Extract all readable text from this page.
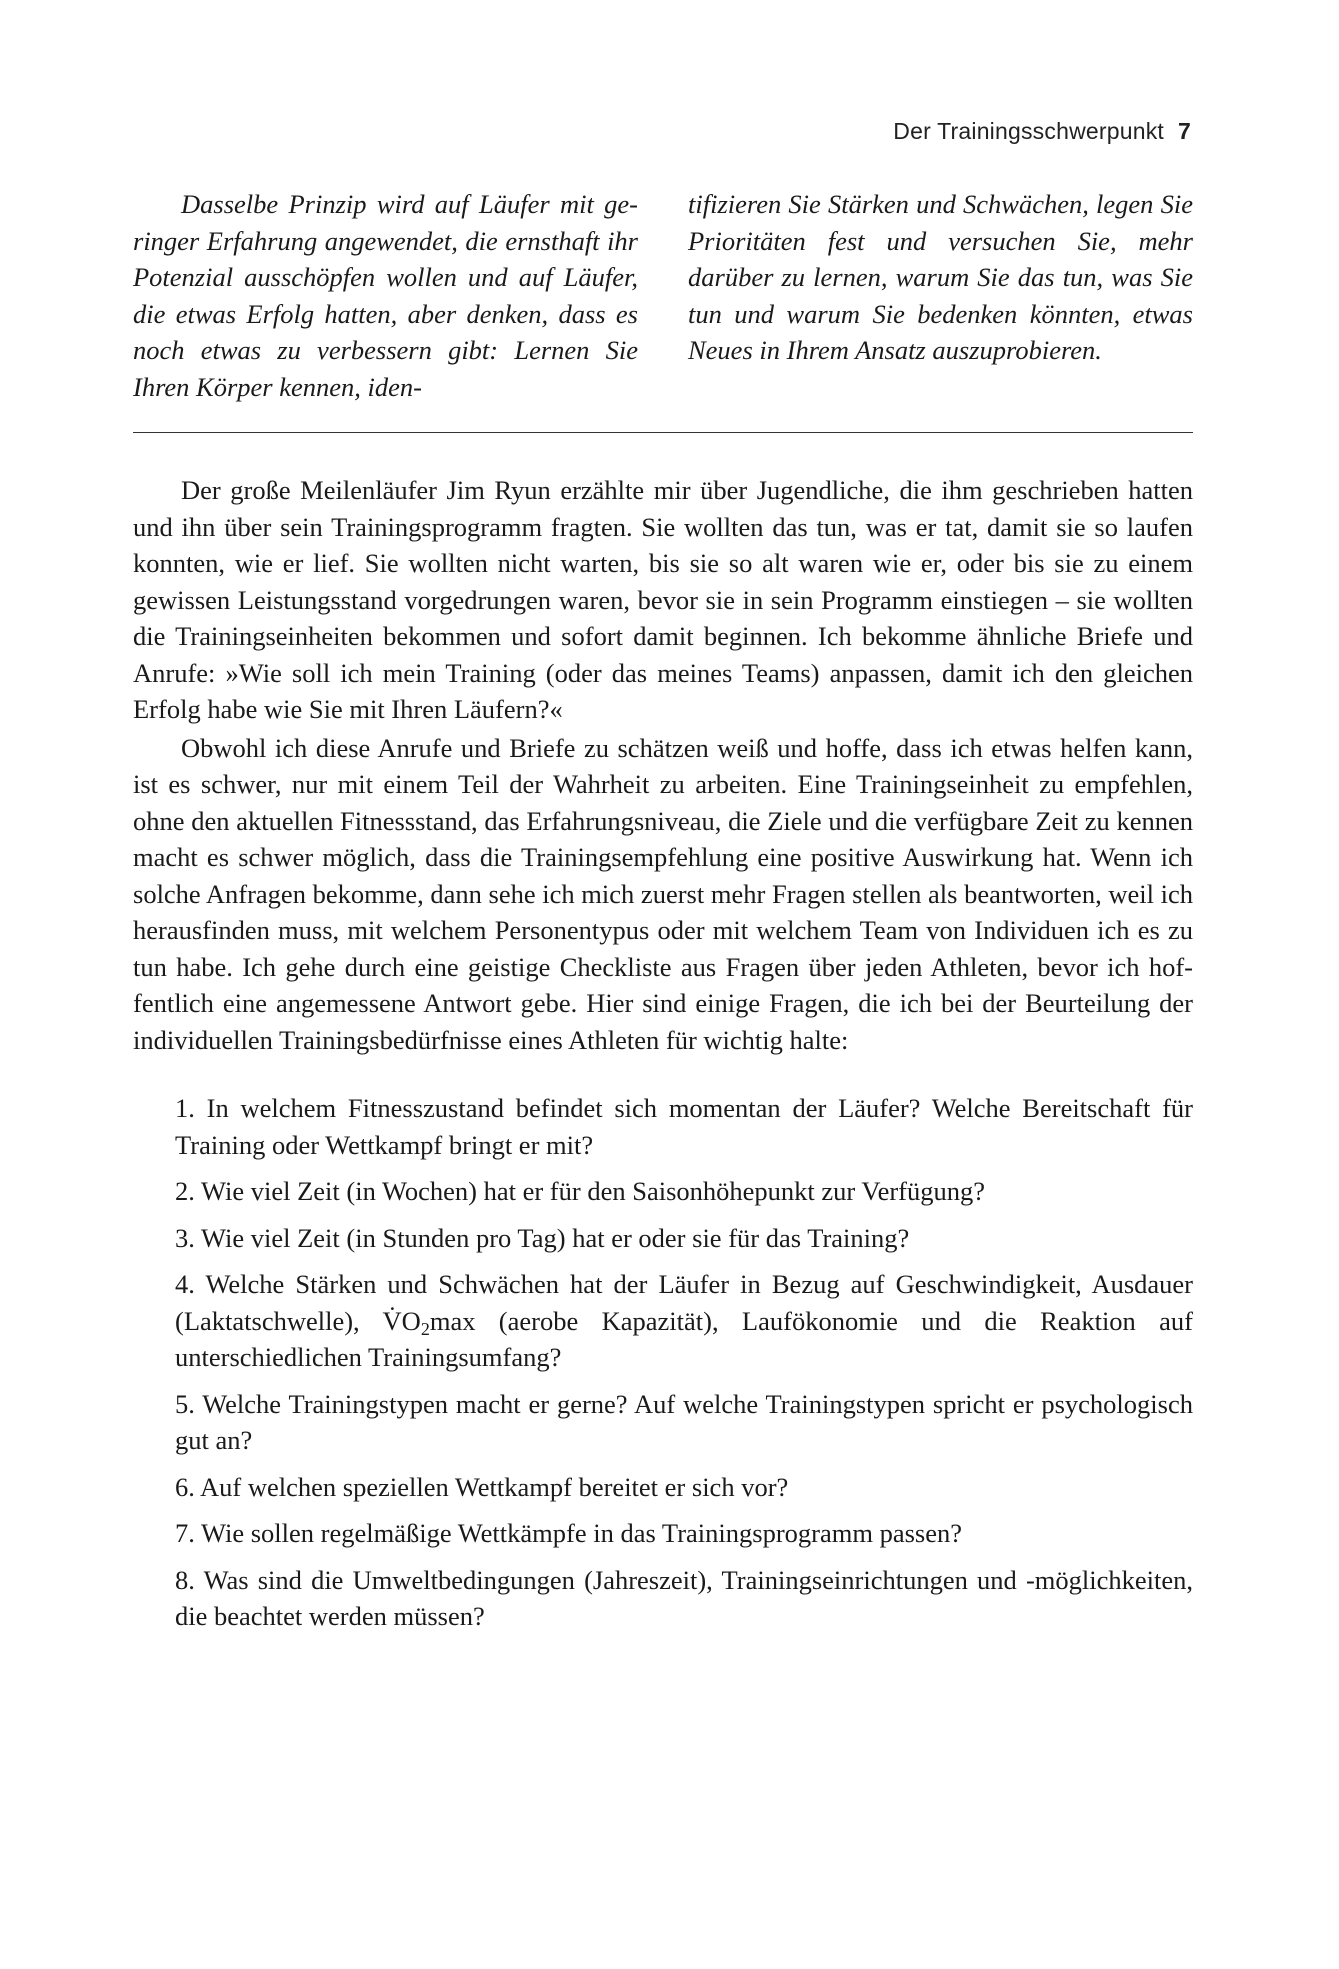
Der Trainingsschwerpunkt 7
Dasselbe Prinzip wird auf Läufer mit geringer Erfahrung angewendet, die ernsthaft ihr Potenzial ausschöpfen wollen und auf Läufer, die etwas Erfolg hatten, aber denken, dass es noch etwas zu verbessern gibt: Lernen Sie Ihren Körper kennen, iden-
tifizieren Sie Stärken und Schwächen, legen Sie Prioritäten fest und versuchen Sie, mehr darüber zu lernen, warum Sie das tun, was Sie tun und warum Sie bedenken könnten, etwas Neues in Ihrem Ansatz auszuprobieren.

Der große Meilenläufer Jim Ryun erzählte mir über Jugendliche, die ihm geschrieben hatten und ihn über sein Trainingsprogramm fragten. Sie wollten das tun, was er tat, damit sie so laufen konnten, wie er lief. Sie wollten nicht warten, bis sie so alt waren wie er, oder bis sie zu einem gewissen Leistungsstand vorgedrungen waren, bevor sie in sein Programm einstiegen – sie wollten die Trainingseinheiten bekommen und sofort damit beginnen. Ich bekomme ähnliche Briefe und Anrufe: »Wie soll ich mein Training (oder das meines Teams) anpassen, damit ich den gleichen Erfolg habe wie Sie mit Ihren Läufern?«

Obwohl ich diese Anrufe und Briefe zu schätzen weiß und hoffe, dass ich etwas helfen kann, ist es schwer, nur mit einem Teil der Wahrheit zu arbeiten. Eine Trainingseinheit zu empfehlen, ohne den aktuellen Fitnessstand, das Erfahrungsniveau, die Ziele und die verfügbare Zeit zu kennen macht es schwer möglich, dass die Trainingsempfehlung eine positive Auswirkung hat. Wenn ich solche Anfragen bekomme, dann sehe ich mich zuerst mehr Fragen stellen als beantworten, weil ich herausfinden muss, mit welchem Personentypus oder mit welchem Team von Individuen ich es zu tun habe. Ich gehe durch eine geistige Checkliste aus Fragen über jeden Athleten, bevor ich hoffentlich eine angemessene Antwort gebe. Hier sind einige Fragen, die ich bei der Beurteilung der individuellen Trainingsbedürfnisse eines Athleten für wichtig halte:

1. In welchem Fitnesszustand befindet sich momentan der Läufer? Welche Bereitschaft für Training oder Wettkampf bringt er mit?
2. Wie viel Zeit (in Wochen) hat er für den Saisonhöhepunkt zur Verfügung?
3. Wie viel Zeit (in Stunden pro Tag) hat er oder sie für das Training?
4. Welche Stärken und Schwächen hat der Läufer in Bezug auf Geschwindigkeit, Ausdauer (Laktatschwelle), $V̇O_2\max$ (aerobe Kapazität), Laufökonomie und die Reaktion auf unterschiedlichen Trainingsumfang?
5. Welche Trainingstypen macht er gerne? Auf welche Trainingstypen spricht er psychologisch gut an?
6. Auf welchen speziellen Wettkampf bereitet er sich vor?
7. Wie sollen regelmäßige Wettkämpfe in das Trainingsprogramm passen?
8. Was sind die Umweltbedingungen (Jahreszeit), Trainingseinrichtungen und -möglichkeiten, die beachtet werden müssen?
